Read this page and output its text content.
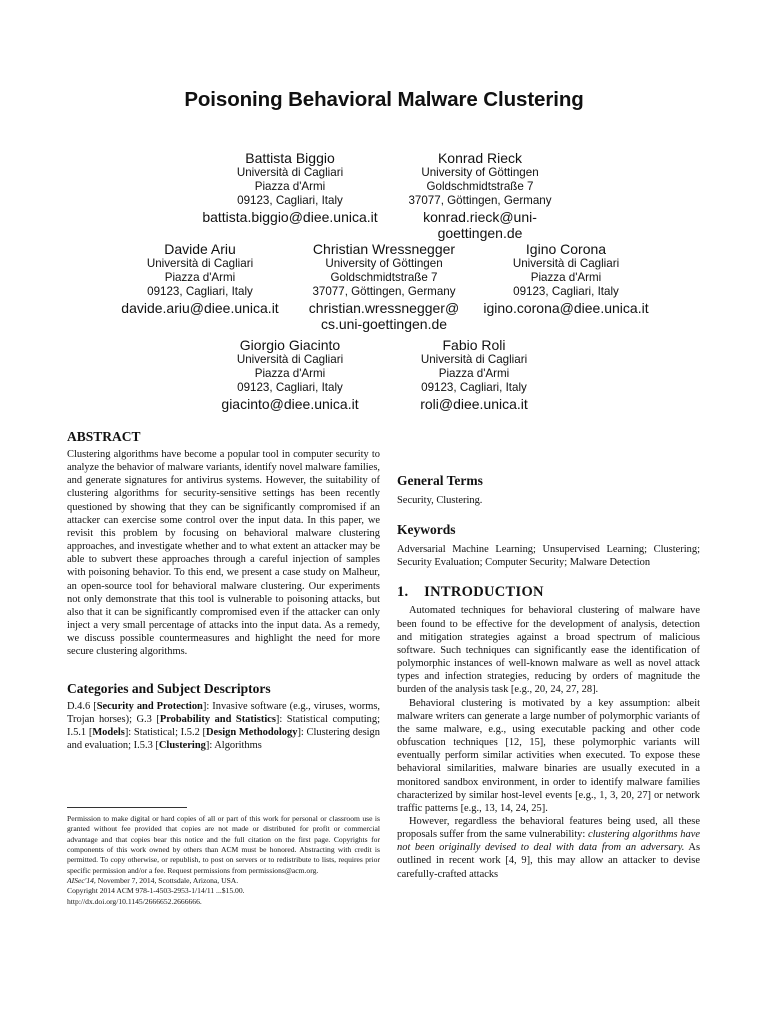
Poisoning Behavioral Malware Clustering
Battista Biggio
Università di Cagliari
Piazza d'Armi
09123, Cagliari, Italy
battista.biggio@diee.unica.it
Konrad Rieck
University of Göttingen
Goldschmidtstraße 7
37077, Göttingen, Germany
konrad.rieck@uni-
goettingen.de
Davide Ariu
Università di Cagliari
Piazza d'Armi
09123, Cagliari, Italy
davide.ariu@diee.unica.it
Christian Wressnegger
University of Göttingen
Goldschmidtstraße 7
37077, Göttingen, Germany
christian.wressnegger@
cs.uni-goettingen.de
Igino Corona
Università di Cagliari
Piazza d'Armi
09123, Cagliari, Italy
igino.corona@diee.unica.it
Giorgio Giacinto
Università di Cagliari
Piazza d'Armi
09123, Cagliari, Italy
giacinto@diee.unica.it
Fabio Roli
Università di Cagliari
Piazza d'Armi
09123, Cagliari, Italy
roli@diee.unica.it
ABSTRACT

Clustering algorithms have become a popular tool in computer security to analyze the behavior of malware variants, identify novel malware families, and generate signatures for antivirus systems. However, the suitability of clustering algorithms for security-sensitive settings has been recently questioned by showing that they can be significantly compromised if an attacker can exercise some control over the input data. In this paper, we revisit this problem by focusing on behavioral malware clustering approaches, and investigate whether and to what extent an attacker may be able to subvert these approaches through a careful injection of samples with poisoning behavior. To this end, we present a case study on Malheur, an open-source tool for behavioral malware clustering. Our experiments not only demonstrate that this tool is vulnerable to poisoning attacks, but also that it can be significantly compromised even if the attacker can only inject a very small percentage of attacks into the input data. As a remedy, we discuss possible countermeasures and highlight the need for more secure clustering algorithms.

Categories and Subject Descriptors

D.4.6 [Security and Protection]: Invasive software (e.g., viruses, worms, Trojan horses); G.3 [Probability and Statistics]: Statistical computing; I.5.1 [Models]: Statistical; I.5.2 [Design Methodology]: Clustering design and evaluation; I.5.3 [Clustering]: Algorithms

Permission to make digital or hard copies of all or part of this work for personal or classroom use is granted without fee provided that copies are not made or distributed for profit or commercial advantage and that copies bear this notice and the full citation on the first page. Copyrights for components of this work owned by others than ACM must be honored. Abstracting with credit is permitted. To copy otherwise, or republish, to post on servers or to redistribute to lists, requires prior specific permission and/or a fee. Request permissions from permissions@acm.org.

AISec'14, November 7, 2014, Scottsdale, Arizona, USA.

Copyright 2014 ACM 978-1-4503-2953-1/14/11 ...$15.00.

http://dx.doi.org/10.1145/2666652.2666666.

General Terms

Security, Clustering.

Keywords

Adversarial Machine Learning; Unsupervised Learning; Clustering; Security Evaluation; Computer Security; Malware Detection

1.    INTRODUCTION

Automated techniques for behavioral clustering of malware have been found to be effective for the development of analysis, detection and mitigation strategies against a broad spectrum of malicious software. Such techniques can significantly ease the identification of polymorphic instances of well-known malware as well as novel attack types and infection strategies, reducing by orders of magnitude the burden of the analysis task [e.g., 20, 24, 27, 28].

Behavioral clustering is motivated by a key assumption: albeit malware writers can generate a large number of polymorphic variants of the same malware, e.g., using executable packing and other code obfuscation techniques [12, 15], these polymorphic variants will eventually perform similar activities when executed. To expose these behavioral similarities, malware binaries are usually executed in a monitored sandbox environment, in order to identify malware families characterized by similar host-level events [e.g., 1, 3, 20, 27] or network traffic patterns [e.g., 13, 14, 24, 25].

However, regardless the behavioral features being used, all these proposals suffer from the same vulnerability: clustering algorithms have not been originally devised to deal with data from an adversary. As outlined in recent work [4, 9], this may allow an attacker to devise carefully-crafted attacks
